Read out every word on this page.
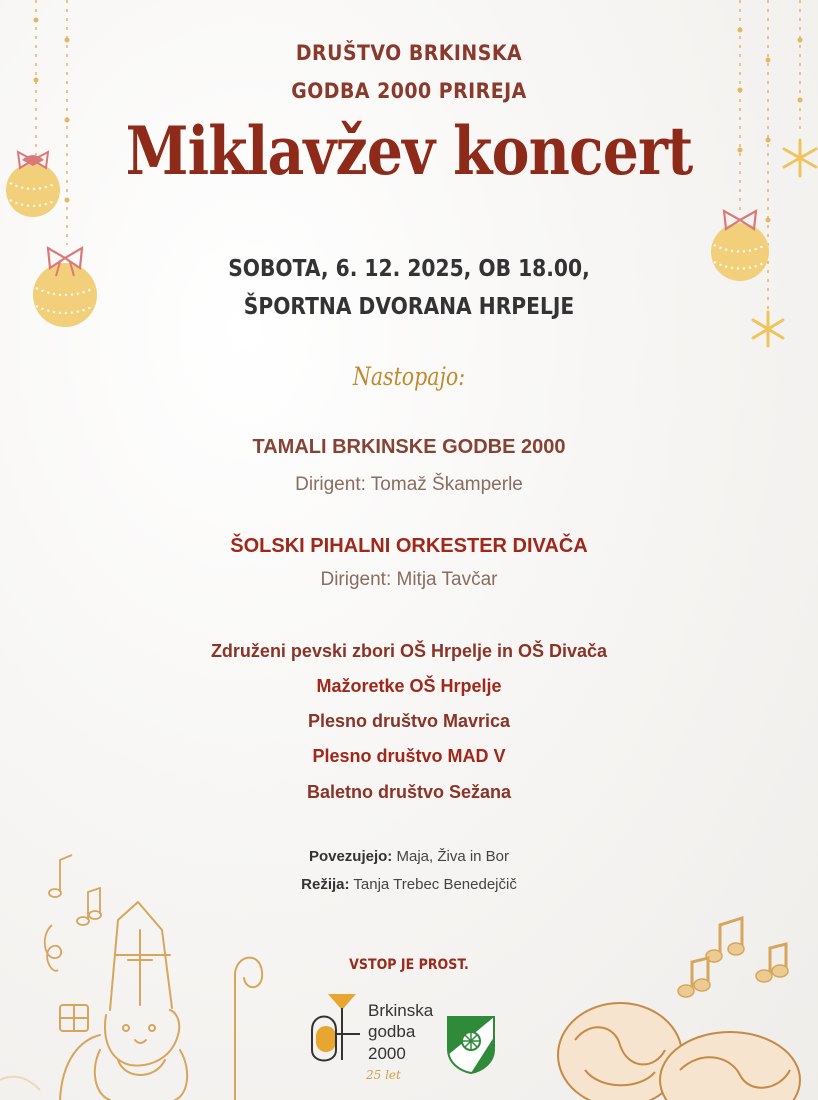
DRUŠTVO BRKINSKA
GODBA 2000 PRIREJA
Miklavžev koncert
SOBOTA, 6. 12. 2025, OB 18.00,
ŠPORTNA DVORANA HRPELJE
Nastopajo:
TAMALI BRKINSKE GODBE 2000
Dirigent: Tomaž Škamperle
ŠOLSKI PIHALNI ORKESTER DIVAČA
Dirigent: Mitja Tavčar
Združeni pevski zbori OŠ Hrpelje in OŠ Divača
Mažoretke OŠ Hrpelje
Plesno društvo Mavrica
Plesno društvo MAD V
Baletno društvo Sežana
Povezujejo: Maja, Živa in Bor
Režija: Tanja Trebec Benedejčič
VSTOP JE PROST.
Brkinska
godba
2000
25 let
